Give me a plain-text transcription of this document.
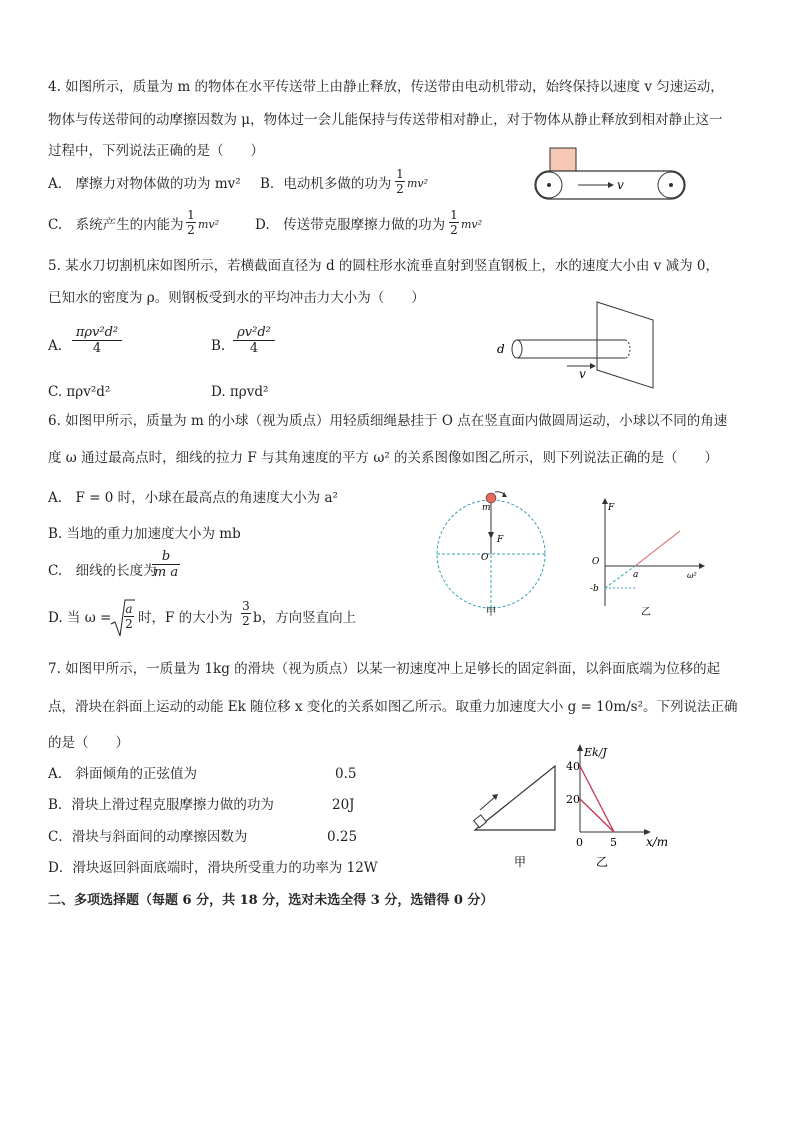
4. 如图所示，质量为 m 的物体在水平传送带上由静止释放，传送带由电动机带动，始终保持以速度 v 匀速运动，
物体与传送带间的动摩擦因数为 μ，物体过一会儿能保持与传送带相对静止，对于物体从静止释放到相对静止这一
过程中，下列说法正确的是（　　）
A.　摩擦力对物体做的功为 mv² B．电动机多做的功为
1
2 mv²
C.　系统产生的内能为
1
2 mv²	D.　传送带克服摩擦力做的功为
1
2 mv²
v
5. 某水刀切割机床如图所示，若横截面直径为 d 的圆柱形水流垂直射到竖直钢板上，水的速度大小由 v 减为 0，
已知水的密度为 ρ。则钢板受到水的平均冲击力大小为（　　）
A.
πρv²d²
4	B.
ρv²d²
4
C. πρv²d²	D. πρvd²
d
v
6. 如图甲所示，质量为 m 的小球（视为质点）用轻质细绳悬挂于 O 点在竖直面内做圆周运动，小球以不同的角速
度 ω 通过最高点时，细线的拉力 F 与其角速度的平方 ω² 的关系图像如图乙所示，则下列说法正确的是（　　）
A.　F = 0 时，小球在最高点的角速度大小为 a²
B. 当地的重力加速度大小为 mb
C.　细线的长度为
b
m a
D. 当 ω =
a
2 时，F 的大小为
3
2 b，方向竖直向上
m
F
O
甲
F
O
a
-b
ω²
乙
7. 如图甲所示，一质量为 1kg 的滑块（视为质点）以某一初速度冲上足够长的固定斜面，以斜面底端为位移的起
点，滑块在斜面上运动的动能 Ek 随位移 x 变化的关系如图乙所示。取重力加速度大小 g = 10m/s²。下列说法正确
的是（　　）
A.　斜面倾角的正弦值为	0.5
B．滑块上滑过程克服摩擦力做的功为	20J
C．滑块与斜面间的动摩擦因数为	0.25
D．滑块返回斜面底端时，滑块所受重力的功率为 12W	甲
Ek/J
40
20
0 5 x/m
乙
二、多项选择题（每题 6 分，共 18 分，选对未选全得 3 分，选错得 0 分）
